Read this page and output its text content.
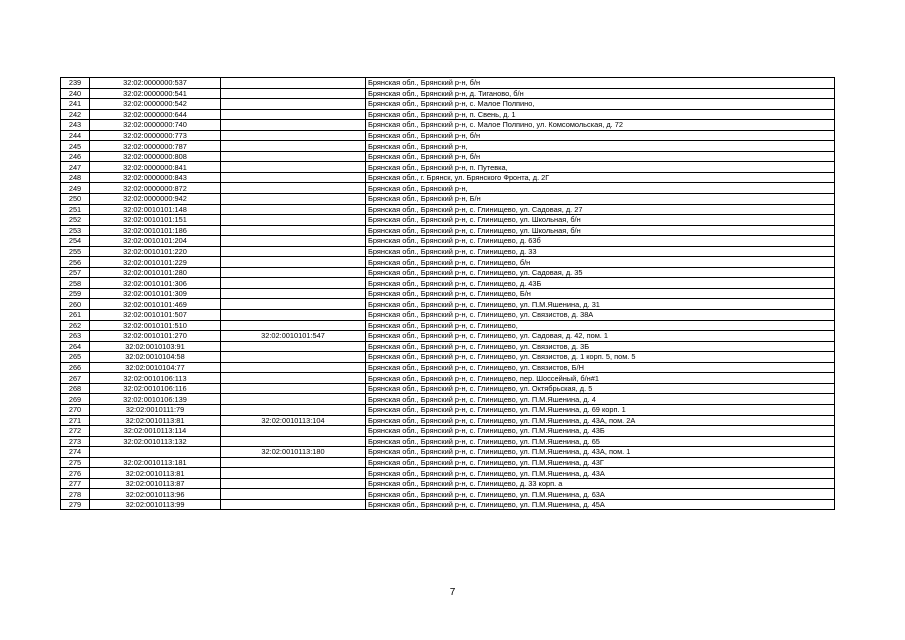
239	32:02:0000000:537		Брянская обл., Брянский р-н, б/н
240	32:02:0000000:541		Брянская обл., Брянский р-н, д. Тиганово, б/н
241	32:02:0000000:542		Брянская обл., Брянский р-н, с. Малое Полпино,
242	32:02:0000000:644		Брянская обл., Брянский р-н, п. Свень, д. 1
243	32:02:0000000:740		Брянская обл., Брянский р-н, с. Малое Полпино, ул. Комсомольская, д. 72
244	32:02:0000000:773		Брянская обл., Брянский р-н, б/н
245	32:02:0000000:787		Брянская обл., Брянский р-н,
246	32:02:0000000:808		Брянская обл., Брянский р-н, б/н
247	32:02:0000000:841		Брянская обл., Брянский р-н, п. Путевка,
248	32:02:0000000:843		Брянская обл., г. Брянск, ул. Брянского Фронта, д. 2Г
249	32:02:0000000:872		Брянская обл., Брянский р-н,
250	32:02:0000000:942		Брянская обл., Брянский р-н, Б/н
251	32:02:0010101:148		Брянская обл., Брянский р-н, с. Глинищево, ул. Садовая, д. 27
252	32:02:0010101:151		Брянская обл., Брянский р-н, с. Глинищево, ул. Школьная, б/н
253	32:02:0010101:186		Брянская обл., Брянский р-н, с. Глинищево, ул. Школьная, б/н
254	32:02:0010101:204		Брянская обл., Брянский р-н, с. Глинищево, д. 63б
255	32:02:0010101:220		Брянская обл., Брянский р-н, с. Глинищево, д. 33
256	32:02:0010101:229		Брянская обл., Брянский р-н, с. Глинищево, б/н
257	32:02:0010101:280		Брянская обл., Брянский р-н, с. Глинищево, ул. Садовая, д. 35
258	32:02:0010101:306		Брянская обл., Брянский р-н, с. Глинищево, д. 43Б
259	32:02:0010101:309		Брянская обл., Брянский р-н, с. Глинищево, Б/н
260	32:02:0010101:469		Брянская обл., Брянский р-н, с. Глинищево, ул. П.М.Яшенина, д. 31
261	32:02:0010101:507		Брянская обл., Брянский р-н, с. Глинищево, ул. Связистов, д. 38А
262	32:02:0010101:510		Брянская обл., Брянский р-н, с. Глинищево,
263	32:02:0010101:270	32:02:0010101:547	Брянская обл., Брянский р-н, с. Глинищево, ул. Садовая, д. 42, пом. 1
264	32:02:0010103:91		Брянская обл., Брянский р-н, с. Глинищево, ул. Связистов, д. 3Б
265	32:02:0010104:58		Брянская обл., Брянский р-н, с. Глинищево, ул. Связистов, д. 1 корп. 5, пом. 5
266	32:02:0010104:77		Брянская обл., Брянский р-н, с. Глинищево, ул. Связистов, Б/Н
267	32:02:0010106:113		Брянская обл., Брянский р-н, с. Глинищево, пер. Шоссейный, б/н#1
268	32:02:0010106:116		Брянская обл., Брянский р-н, с. Глинищево, ул. Октябрьская, д. 5
269	32:02:0010106:139		Брянская обл., Брянский р-н, с. Глинищево, ул. П.М.Яшенина, д. 4
270	32:02:0010111:79		Брянская обл., Брянский р-н, с. Глинищево, ул. П.М.Яшенина, д. 69 корп. 1
271	32:02:0010113:81	32:02:0010113:104	Брянская обл., Брянский р-н, с. Глинищево, ул. П.М.Яшенина, д. 43А, пом. 2А
272	32:02:0010113:114		Брянская обл., Брянский р-н, с. Глинищево, ул. П.М.Яшенина, д. 43Б
273	32:02:0010113:132		Брянская обл., Брянский р-н, с. Глинищево, ул. П.М.Яшенина, д. 65
274		32:02:0010113:180	Брянская обл., Брянский р-н, с. Глинищево, ул. П.М.Яшенина, д. 43А, пом. 1
275	32:02:0010113:181		Брянская обл., Брянский р-н, с. Глинищево, ул. П.М.Яшенина, д. 43Г
276	32:02:0010113:81		Брянская обл., Брянский р-н, с. Глинищево, ул. П.М.Яшенина, д. 43А
277	32:02:0010113:87		Брянская обл., Брянский р-н, с. Глинищево, д. 33 корп. а
278	32:02:0010113:96		Брянская обл., Брянский р-н, с. Глинищево, ул. П.М.Яшенина, д. 63А
279	32:02:0010113:99		Брянская обл., Брянский р-н, с. Глинищево, ул. П.М.Яшенина, д. 45А
7
